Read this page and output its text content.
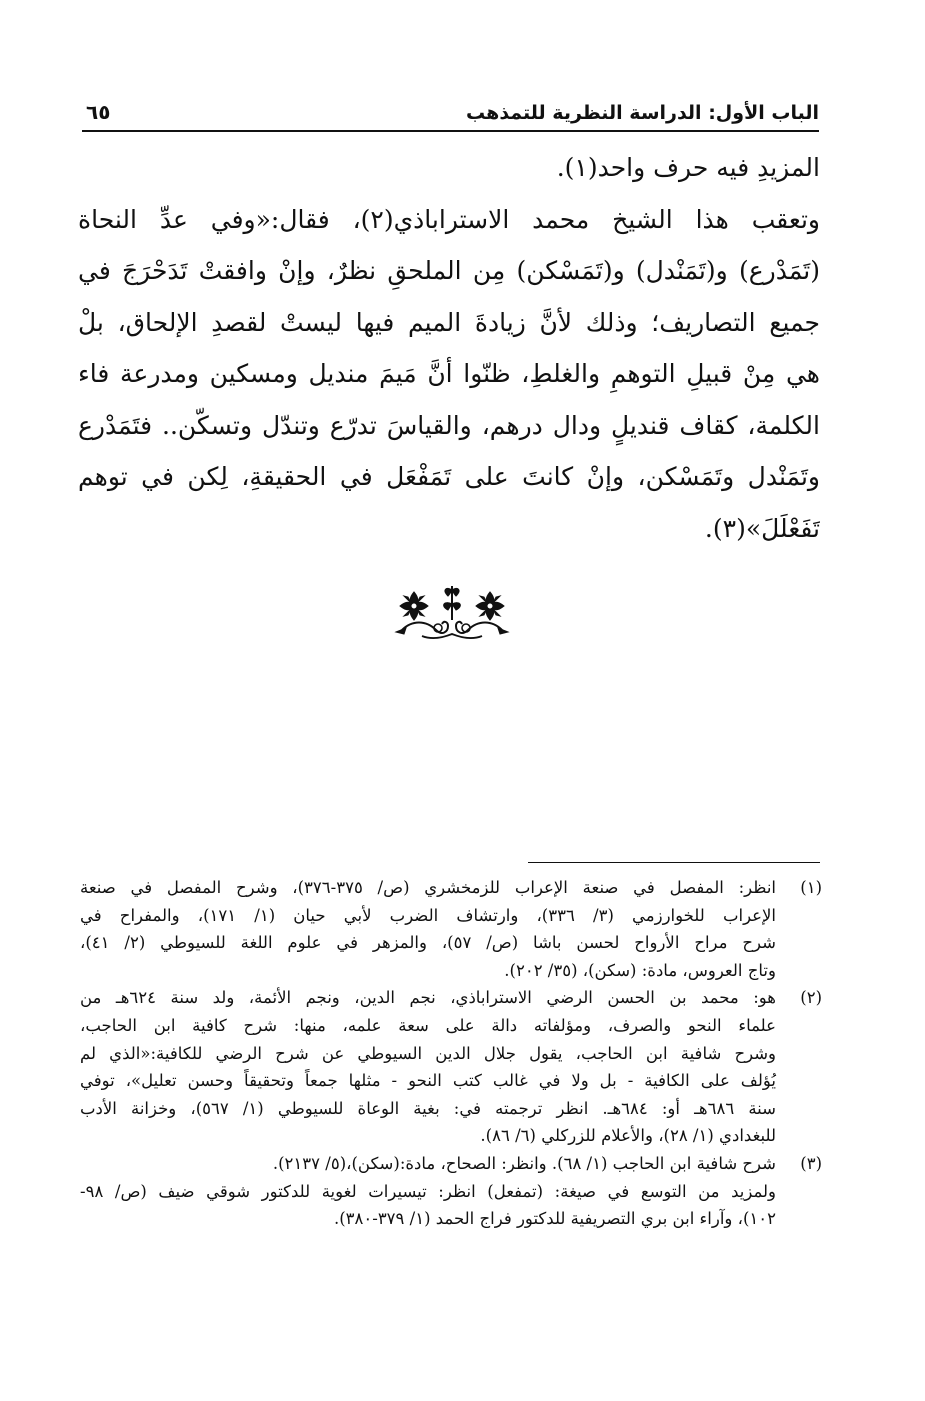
الباب الأول: الدراسة النظرية للتمذهب
٦٥
المزيدِ فيه حرف واحد(١).
وتعقب هذا الشيخ محمد الاستراباذي(٢)، فقال:«وفي عدِّ النحاة
(تَمَدْرع) و(تَمَنْدل) و(تَمَسْكن) مِن الملحقِ نظرٌ، وإنْ وافقتْ تَدَحْرَجَ في
جميع التصاريف؛ وذلك لأنَّ زيادةَ الميم فيها ليستْ لقصدِ الإلحاق، بلْ
هي مِنْ قبيلِ التوهمِ والغلطِ، ظنّوا أنَّ مَيمَ منديل ومسكين ومدرعة فاء
الكلمة، كقاف قنديلٍ ودال درهم، والقياسَ تدرّع وتندّل وتسكّن.. فتَمَدْرع
وتَمَنْدل وتَمَسْكن، وإنْ كانتَ على تَمَفْعَل في الحقيقةِ، لِكن في توهم
تَفَعْلَلَ»(٣).
(١)
انظر: المفصل في صنعة الإعراب للزمخشري (ص/ ٣٧٥-٣٧٦)، وشرح المفصل في صنعة
الإعراب للخوارزمي (٣/ ٣٣٦)، وارتشاف الضرب لأبي حيان (١/ ١٧١)، والمفراح في
شرح مراح الأرواح لحسن باشا (ص/ ٥٧)، والمزهر في علوم اللغة للسيوطي (٢/ ٤١)،
وتاج العروس، مادة: (سكن)، (٣٥/ ٢٠٢).
(٢)
هو: محمد بن الحسن الرضي الاستراباذي، نجم الدين، ونجم الأئمة، ولد سنة ٦٢٤هـ من
علماء النحو والصرف، ومؤلفاته دالة على سعة علمه، منها: شرح كافية ابن الحاجب،
وشرح شافية ابن الحاجب، يقول جلال الدين السيوطي عن شرح الرضي للكافية:«الذي لم
يُؤلف على الكافية - بل ولا في غالب كتب النحو - مثلها جمعاً وتحقيقاً وحسن تعليل»، توفي
سنة ٦٨٦هـ أو: ٦٨٤هـ. انظر ترجمته في: بغية الوعاة للسيوطي (١/ ٥٦٧)، وخزانة الأدب
للبغدادي (١/ ٢٨)، والأعلام للزركلي (٦/ ٨٦).
(٣)
شرح شافية ابن الحاجب (١/ ٦٨). وانظر: الصحاح، مادة:(سكن)،(٥/ ٢١٣٧).
ولمزيد من التوسع في صيغة: (تمفعل) انظر: تيسيرات لغوية للدكتور شوقي ضيف (ص/ ٩٨-
١٠٢)، وآراء ابن بري التصريفية للدكتور فراج الحمد (١/ ٣٧٩-٣٨٠).
